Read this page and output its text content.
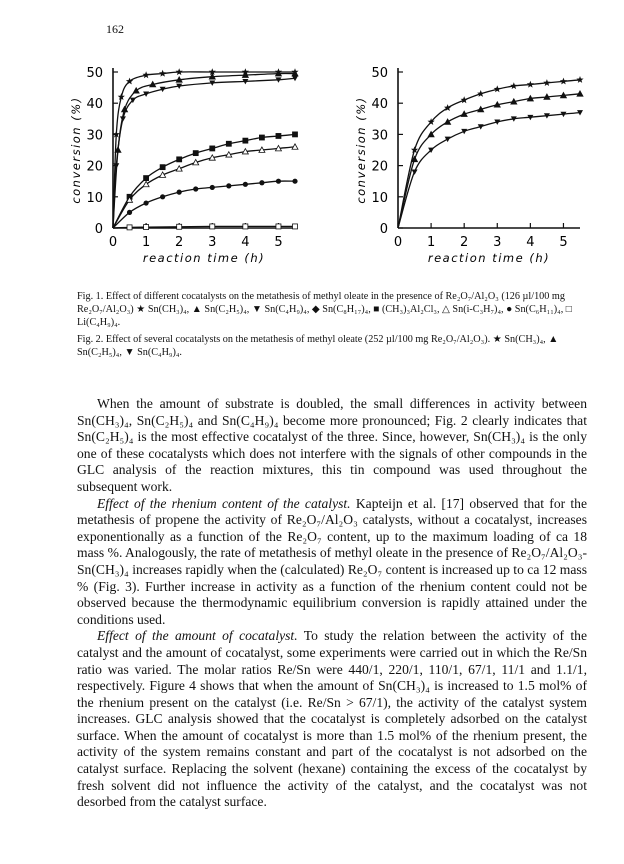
162
0
10
20
30
40
50
0 1 2 3 4 5
reaction time (h)
conversion (%)
0
10
20
30
40
50
0 1 2 3 4 5
reaction time (h)
conversion (%)
Fig. 1. Effect of different cocatalysts on the metathesis of methyl oleate in the presence of Re₂O₇/Al₂O₃ (126 µl/100 mg Re₂O₇/Al₂O₃) ★ Sn(CH₃)₄, ▲ Sn(C₂H₅)₄, ▼ Sn(C₄H₉)₄, ◆ Sn(C₈H₁₇)₄, ■ (CH₃)₃Al₂Cl₃, △ Sn(i-C₃H₇)₄, ● Sn(C₆H₁₁)₄, □ Li(C₄H₉)₄.
Fig. 2. Effect of several cocatalysts on the metathesis of methyl oleate (252 µl/100 mg Re₂O₇/Al₂O₃). ★ Sn(CH₃)₄, ▲ Sn(C₂H₅)₄, ▼ Sn(C₄H₉)₄.

When the amount of substrate is doubled, the small differences in activity between Sn(CH₃)₄, Sn(C₂H₅)₄ and Sn(C₄H₉)₄ become more pronounced; Fig. 2 clearly indicates that Sn(C₂H₅)₄ is the most effective cocatalyst of the three. Since, however, Sn(CH₃)₄ is the only one of these cocatalysts which does not interfere with the signals of other compounds in the GLC analysis of the reaction mixtures, this tin compound was used throughout the subsequent work.

Effect of the rhenium content of the catalyst. Kapteijn et al. [17] observed that for the metathesis of propene the activity of Re₂O₇/Al₂O₃ catalysts, without a cocatalyst, increases exponentionally as a function of the Re₂O₇ content, up to the maximum loading of ca 18 mass %. Analogously, the rate of metathesis of methyl oleate in the presence of Re₂O₇/Al₂O₃-Sn(CH₃)₄ increases rapidly when the (calculated) Re₂O₇ content is increased up to ca 12 mass % (Fig. 3). Further increase in activity as a function of the rhenium content could not be observed because the thermodynamic equilibrium conversion is rapidly attained under the conditions used.

Effect of the amount of cocatalyst. To study the relation between the activity of the catalyst and the amount of cocatalyst, some experiments were carried out in which the Re/Sn ratio was varied. The molar ratios Re/Sn were 440/1, 220/1, 110/1, 67/1, 11/1 and 1.1/1, respectively. Figure 4 shows that when the amount of Sn(CH₃)₄ is increased to 1.5 mol% of the rhenium present on the catalyst (i.e. Re/Sn > 67/1), the activity of the catalyst system increases. GLC analysis showed that the cocatalyst is completely adsorbed on the catalyst surface. When the amount of cocatalyst is more than 1.5 mol% of the rhenium present, the activity of the system remains constant and part of the cocatalyst is not adsorbed on the catalyst surface. Replacing the solvent (hexane) containing the excess of the cocatalyst by fresh solvent did not influence the activity of the catalyst, and the cocatalyst was not desorbed from the catalyst surface.
